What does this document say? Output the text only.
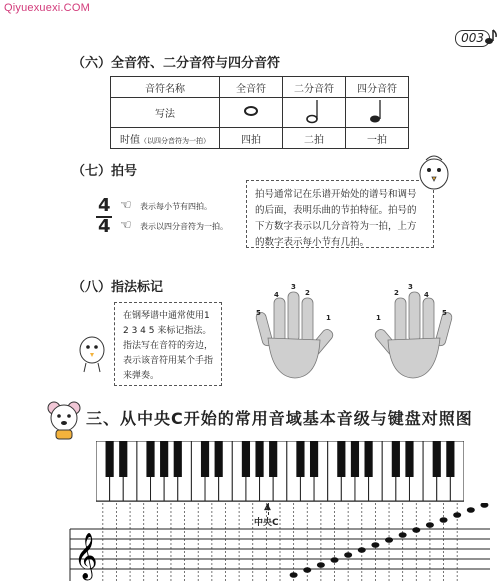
Qiyuexuexi.COM
003
（六）全音符、二分音符与四分音符
音符名称	全音符	二分音符	四分音符
写法			
时值（以四分音符为一拍）	四拍	二拍	一拍
（七）拍号
4
4
☜ 表示每小节有四拍。
☜ 表示以四分音符为一拍。
拍号通常记在乐谱开始处的谱号和调号的后面，表明乐曲的节拍特征。拍号的下方数字表示以几分音符为一拍，上方的数字表示每小节有几拍。
（八）指法标记
在钢琴谱中通常使用1 2 3 4 5 来标记指法。指法写在音符的旁边，表示该音符用某个手指来弹奏。
5
4
3
2
1	1
2
3
4
5
三、从中央C开始的常用音域基本音级与键盘对照图
▲
中央C
𝄞
